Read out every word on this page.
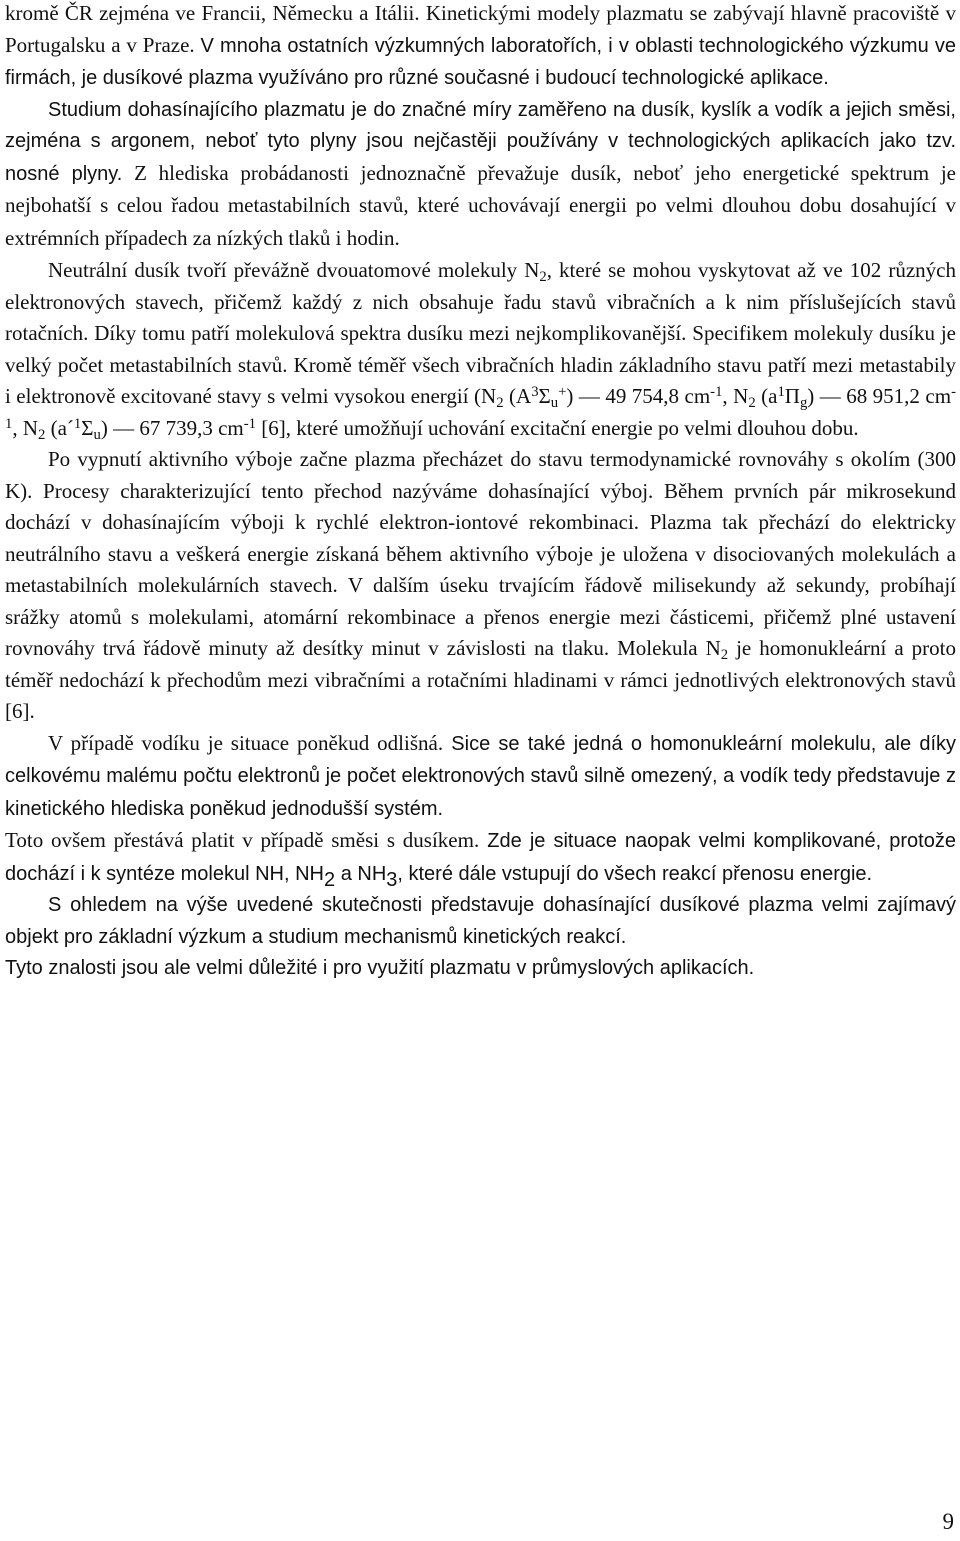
kromě ČR zejména ve Francii, Německu a Itálii. Kinetickými modely plazmatu se zabývají hlavně pracoviště v Portugalsku a v Praze. V mnoha ostatních výzkumných laboratořích, i v oblasti technologického výzkumu ve firmách, je dusíkové plazma využíváno pro různé současné i budoucí technologické aplikace.

Studium dohasínajícího plazmatu je do značné míry zaměřeno na dusík, kyslík a vodík a jejich směsi, zejména s argonem, neboť tyto plyny jsou nejčastěji používány v technologických aplikacích jako tzv. nosné plyny. Z hlediska probádanosti jednoznačně převažuje dusík, neboť jeho energetické spektrum je nejbohatší s celou řadou metastabilních stavů, které uchovávají energii po velmi dlouhou dobu dosahující v extrémních případech za nízkých tlaků i hodin.

Neutrální dusík tvoří převážně dvouatomové molekuly $N_2$, které se mohou vyskytovat až ve 102 různých elektronových stavech, přičemž každý z nich obsahuje řadu stavů vibračních a k nim příslušejících stavů rotačních. Díky tomu patří molekulová spektra dusíku mezi nejkomplikovanější. Specifikem molekuly dusíku je velký počet metastabilních stavů. Kromě téměř všech vibračních hladin základního stavu patří mezi metastabily i elektronově excitované stavy s velmi vysokou energií ($N_2$ $(A^3\Sigma_u^+)$ — 49 754,8 $cm^{-1}$, $N_2$ $(a^1\Pi_g)$ — 68 951,2 $cm^{-1}$, $N_2$ $(a´^1\Sigma_u)$ — 67 739,3 $cm^{-1}$ [6], které umožňují uchování excitační energie po velmi dlouhou dobu.

Po vypnutí aktivního výboje začne plazma přecházet do stavu termodynamické rovnováhy s okolím (300 K). Procesy charakterizující tento přechod nazýváme dohasínající výboj. Během prvních pár mikrosekund dochází v dohasínajícím výboji k rychlé elektron-iontové rekombinaci. Plazma tak přechází do elektricky neutrálního stavu a veškerá energie získaná během aktivního výboje je uložena v disociovaných molekulách a metastabilních molekulárních stavech. V dalším úseku trvajícím řádově milisekundy až sekundy, probíhají srážky atomů s molekulami, atomární rekombinace a přenos energie mezi částicemi, přičemž plné ustavení rovnováhy trvá řádově minuty až desítky minut v závislosti na tlaku. Molekula $N_2$ je homonukleární a proto téměř nedochází k přechodům mezi vibračními a rotačními hladinami v rámci jednotlivých elektronových stavů [6].

V případě vodíku je situace poněkud odlišná. Sice se také jedná o homonukleární molekulu, ale díky celkovému malému počtu elektronů je počet elektronových stavů silně omezený, a vodík tedy představuje z kinetického hlediska poněkud jednodušší systém.

Toto ovšem přestává platit v případě směsi s dusíkem. Zde je situace naopak velmi komplikované, protože dochází i k syntéze molekul NH, $NH_2$ a $NH_3$, které dále vstupují do všech reakcí přenosu energie.

S ohledem na výše uvedené skutečnosti představuje dohasínající dusíkové plazma velmi zajímavý objekt pro základní výzkum a studium mechanismů kinetických reakcí.

Tyto znalosti jsou ale velmi důležité i pro využití plazmatu v průmyslových aplikacích.

9
